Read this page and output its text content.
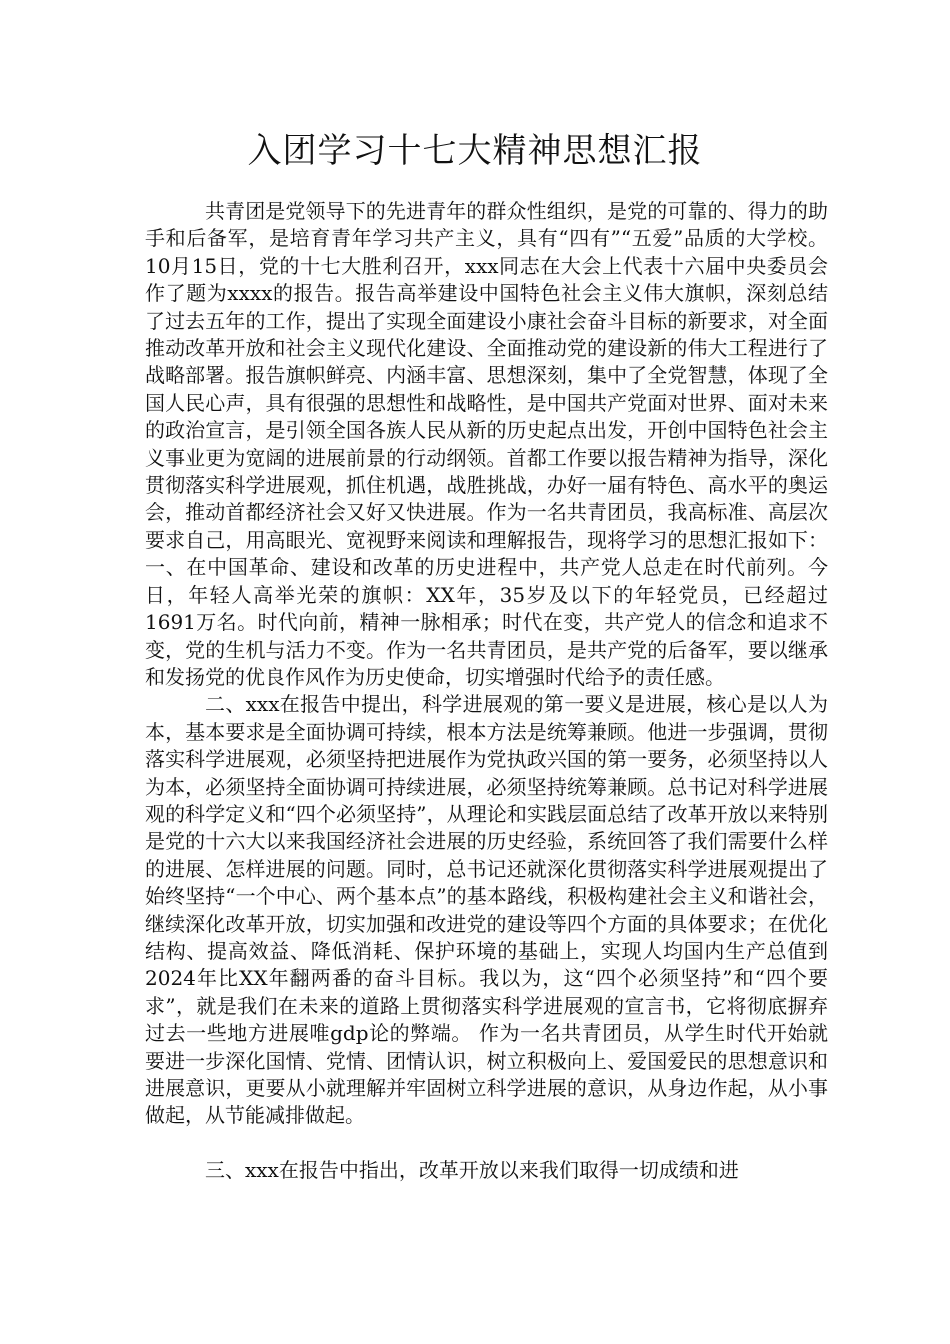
入团学习十七大精神思想汇报

共青团是党领导下的先进青年的群众性组织，是党的可靠的、得力的助手和后备军，是培育青年学习共产主义，具有“四有”“五爱”品质的大学校。10月15日，党的十七大胜利召开，xxx同志在大会上代表十六届中央委员会作了题为xxxx的报告。报告高举建设中国特色社会主义伟大旗帜，深刻总结了过去五年的工作，提出了实现全面建设小康社会奋斗目标的新要求，对全面推动改革开放和社会主义现代化建设、全面推动党的建设新的伟大工程进行了战略部署。报告旗帜鲜亮、内涵丰富、思想深刻，集中了全党智慧，体现了全国人民心声，具有很强的思想性和战略性，是中国共产党面对世界、面对未来的政治宣言，是引领全国各族人民从新的历史起点出发，开创中国特色社会主义事业更为宽阔的进展前景的行动纲领。首都工作要以报告精神为指导，深化贯彻落实科学进展观，抓住机遇，战胜挑战，办好一届有特色、高水平的奥运会，推动首都经济社会又好又快进展。作为一名共青团员，我高标准、高层次要求自己，用高眼光、宽视野来阅读和理解报告，现将学习的思想汇报如下： 一、在中国革命、建设和改革的历史进程中，共产党人总走在时代前列。今日，年轻人高举光荣的旗帜：XX年，35岁及以下的年轻党员，已经超过1691万名。时代向前，精神一脉相承；时代在变，共产党人的信念和追求不变，党的生机与活力不变。作为一名共青团员，是共产党的后备军，要以继承和发扬党的优良作风作为历史使命，切实增强时代给予的责任感。

二、xxx在报告中提出，科学进展观的第一要义是进展，核心是以人为本，基本要求是全面协调可持续，根本方法是统筹兼顾。他进一步强调，贯彻落实科学进展观，必须坚持把进展作为党执政兴国的第一要务，必须坚持以人为本，必须坚持全面协调可持续进展，必须坚持统筹兼顾。总书记对科学进展观的科学定义和“四个必须坚持”，从理论和实践层面总结了改革开放以来特别是党的十六大以来我国经济社会进展的历史经验，系统回答了我们需要什么样的进展、怎样进展的问题。同时，总书记还就深化贯彻落实科学进展观提出了始终坚持“一个中心、两个基本点”的基本路线，积极构建社会主义和谐社会，继续深化改革开放，切实加强和改进党的建设等四个方面的具体要求；在优化结构、提高效益、降低消耗、保护环境的基础上，实现人均国内生产总值到2024年比XX年翻两番的奋斗目标。我以为，这“四个必须坚持”和“四个要求”，就是我们在未来的道路上贯彻落实科学进展观的宣言书，它将彻底摒弃过去一些地方进展唯gdp论的弊端。 作为一名共青团员，从学生时代开始就要进一步深化国情、党情、团情认识，树立积极向上、爱国爱民的思想意识和进展意识，更要从小就理解并牢固树立科学进展的意识，从身边作起，从小事做起，从节能减排做起。

三、xxx在报告中指出，改革开放以来我们取得一切成绩和进
